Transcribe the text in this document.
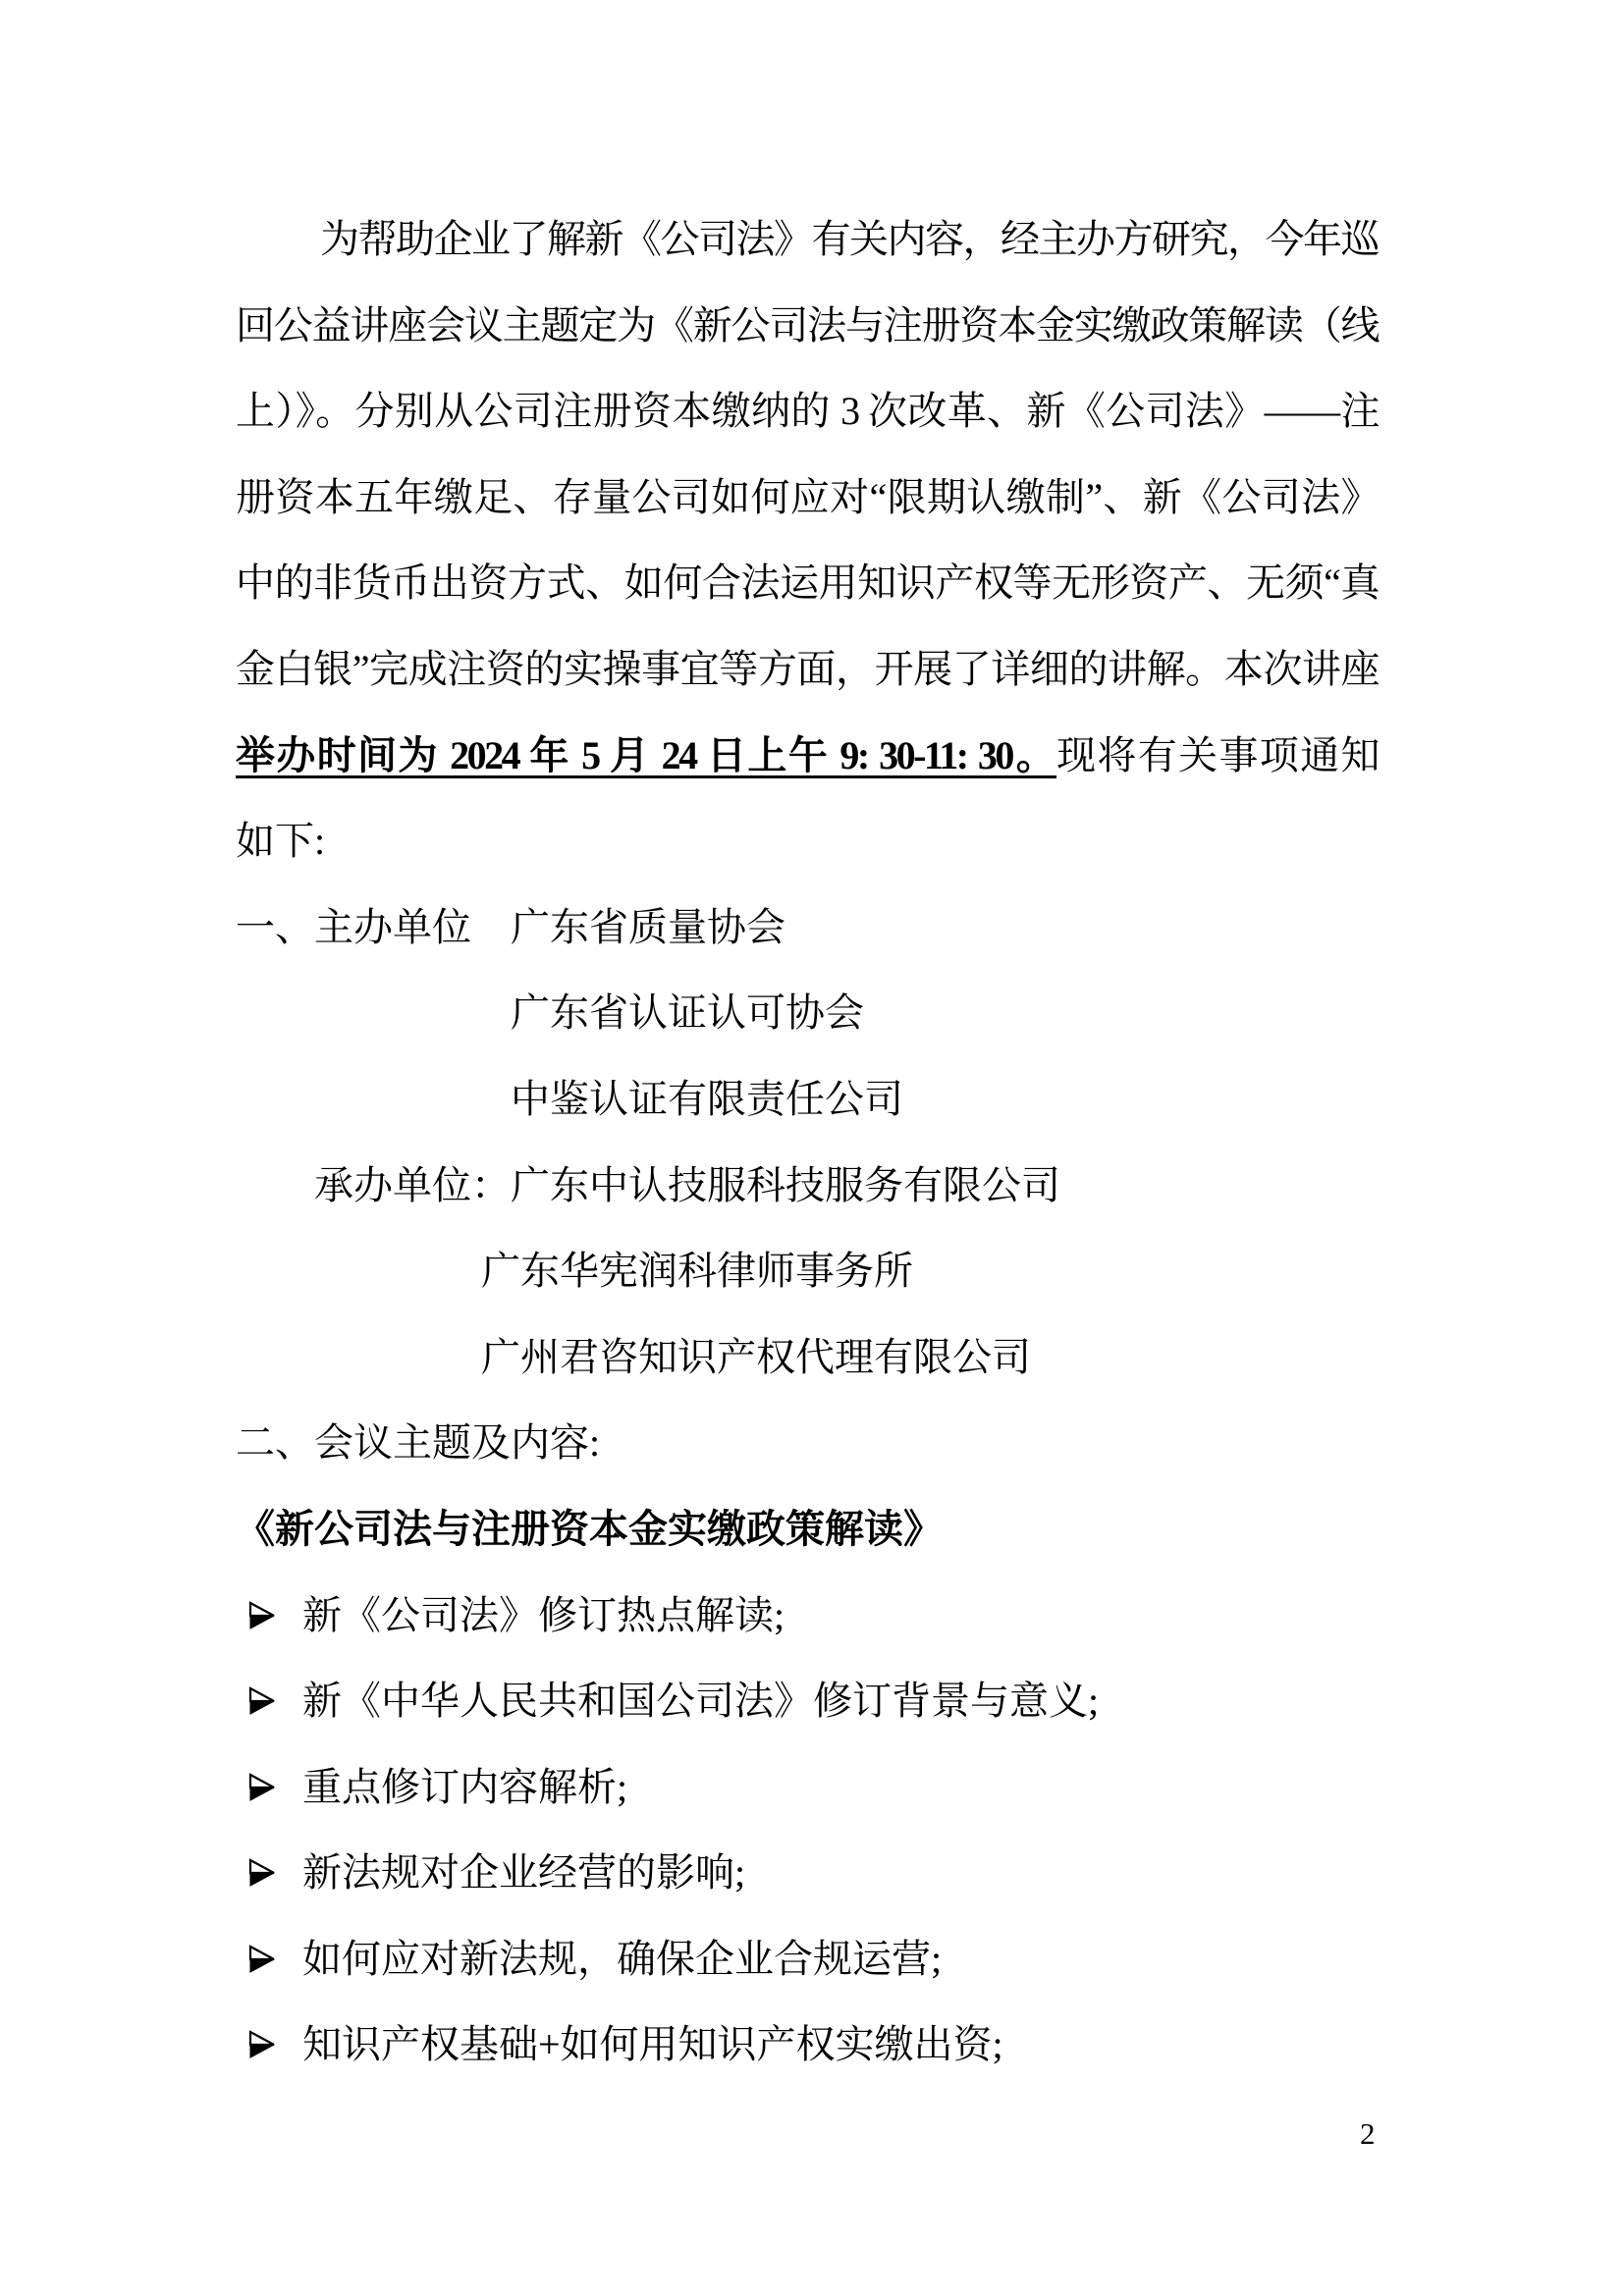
为帮助企业了解新《公司法》有关内容，经主办方研究，今年巡
回公益讲座会议主题定为《新公司法与注册资本金实缴政策解读（线
上）》。分别从公司注册资本缴纳的 3 次改革、新《公司法》——注
册资本五年缴足、存量公司如何应对“限期认缴制”、新《公司法》
中的非货币出资方式、如何合法运用知识产权等无形资产、无须“真
金白银”完成注资的实操事宜等方面，开展了详细的讲解。本次讲座
举办时间为 2024 年 5 月 24 日上午 9: 30-11: 30。现将有关事项通知
如下:
一、主办单位　广东省质量协会
广东省认证认可协会
中鉴认证有限责任公司
承办单位：广东中认技服科技服务有限公司
广东华宪润科律师事务所
广州君咨知识产权代理有限公司
二、会议主题及内容:
《新公司法与注册资本金实缴政策解读》
新《公司法》修订热点解读;
新《中华人民共和国公司法》修订背景与意义;
重点修订内容解析;
新法规对企业经营的影响;
如何应对新法规，确保企业合规运营;
知识产权基础+如何用知识产权实缴出资;
2
